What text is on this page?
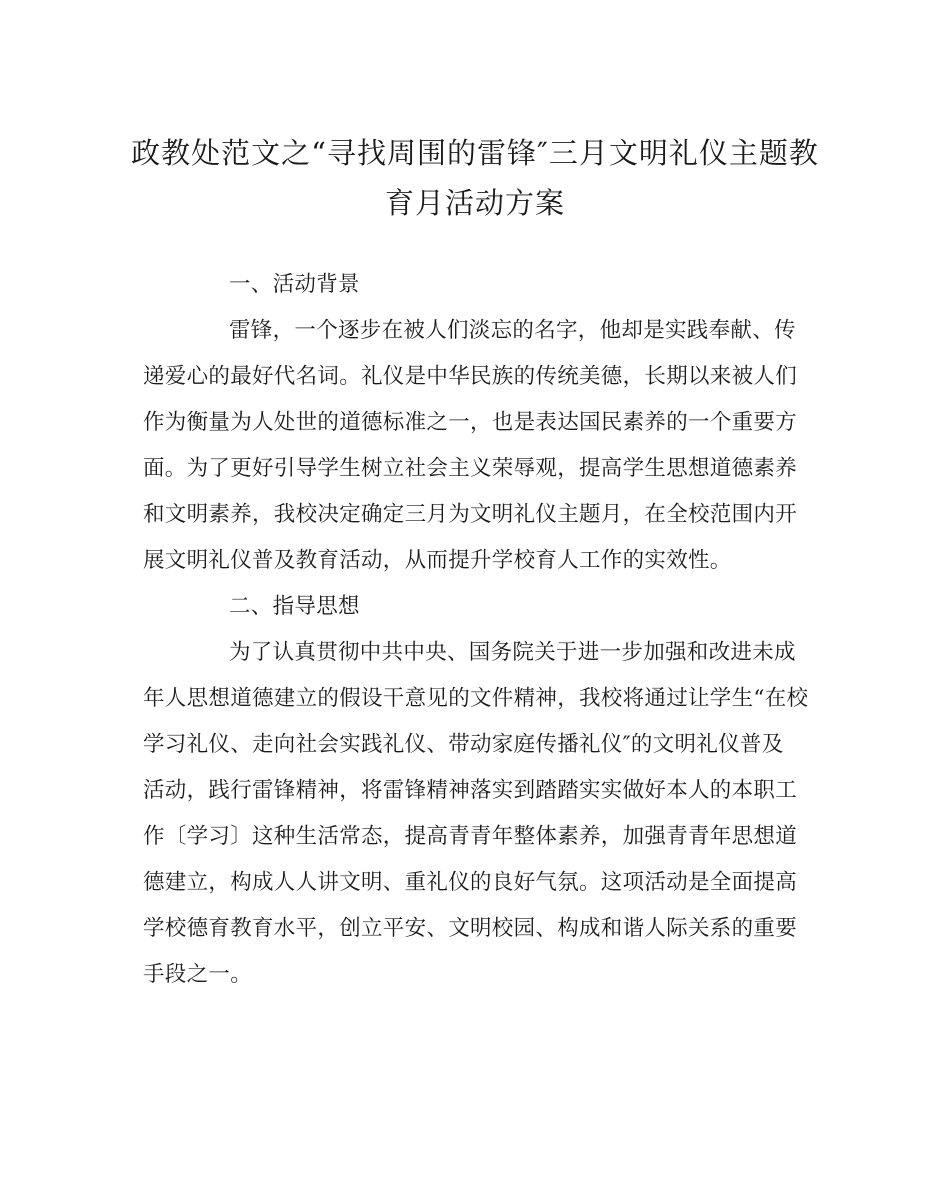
政教处范文之“寻找周围的雷锋″三月文明礼仪主题教
育月活动方案
一、活动背景
雷锋，一个逐步在被人们淡忘的名字，他却是实践奉献、传
递爱心的最好代名词。礼仪是中华民族的传统美德，长期以来被人们
作为衡量为人处世的道德标准之一，也是表达国民素养的一个重要方
面。为了更好引导学生树立社会主义荣辱观，提高学生思想道德素养
和文明素养，我校决定确定三月为文明礼仪主题月，在全校范围内开
展文明礼仪普及教育活动，从而提升学校育人工作的实效性。
二、指导思想
为了认真贯彻中共中央、国务院关于进一步加强和改进未成
年人思想道德建立的假设干意见的文件精神，我校将通过让学生“在校
学习礼仪、走向社会实践礼仪、带动家庭传播礼仪″的文明礼仪普及
活动，践行雷锋精神，将雷锋精神落实到踏踏实实做好本人的本职工
作〔学习〕这种生活常态，提高青青年整体素养，加强青青年思想道
德建立，构成人人讲文明、重礼仪的良好气氛。这项活动是全面提高
学校德育教育水平，创立平安、文明校园、构成和谐人际关系的重要
手段之一。
